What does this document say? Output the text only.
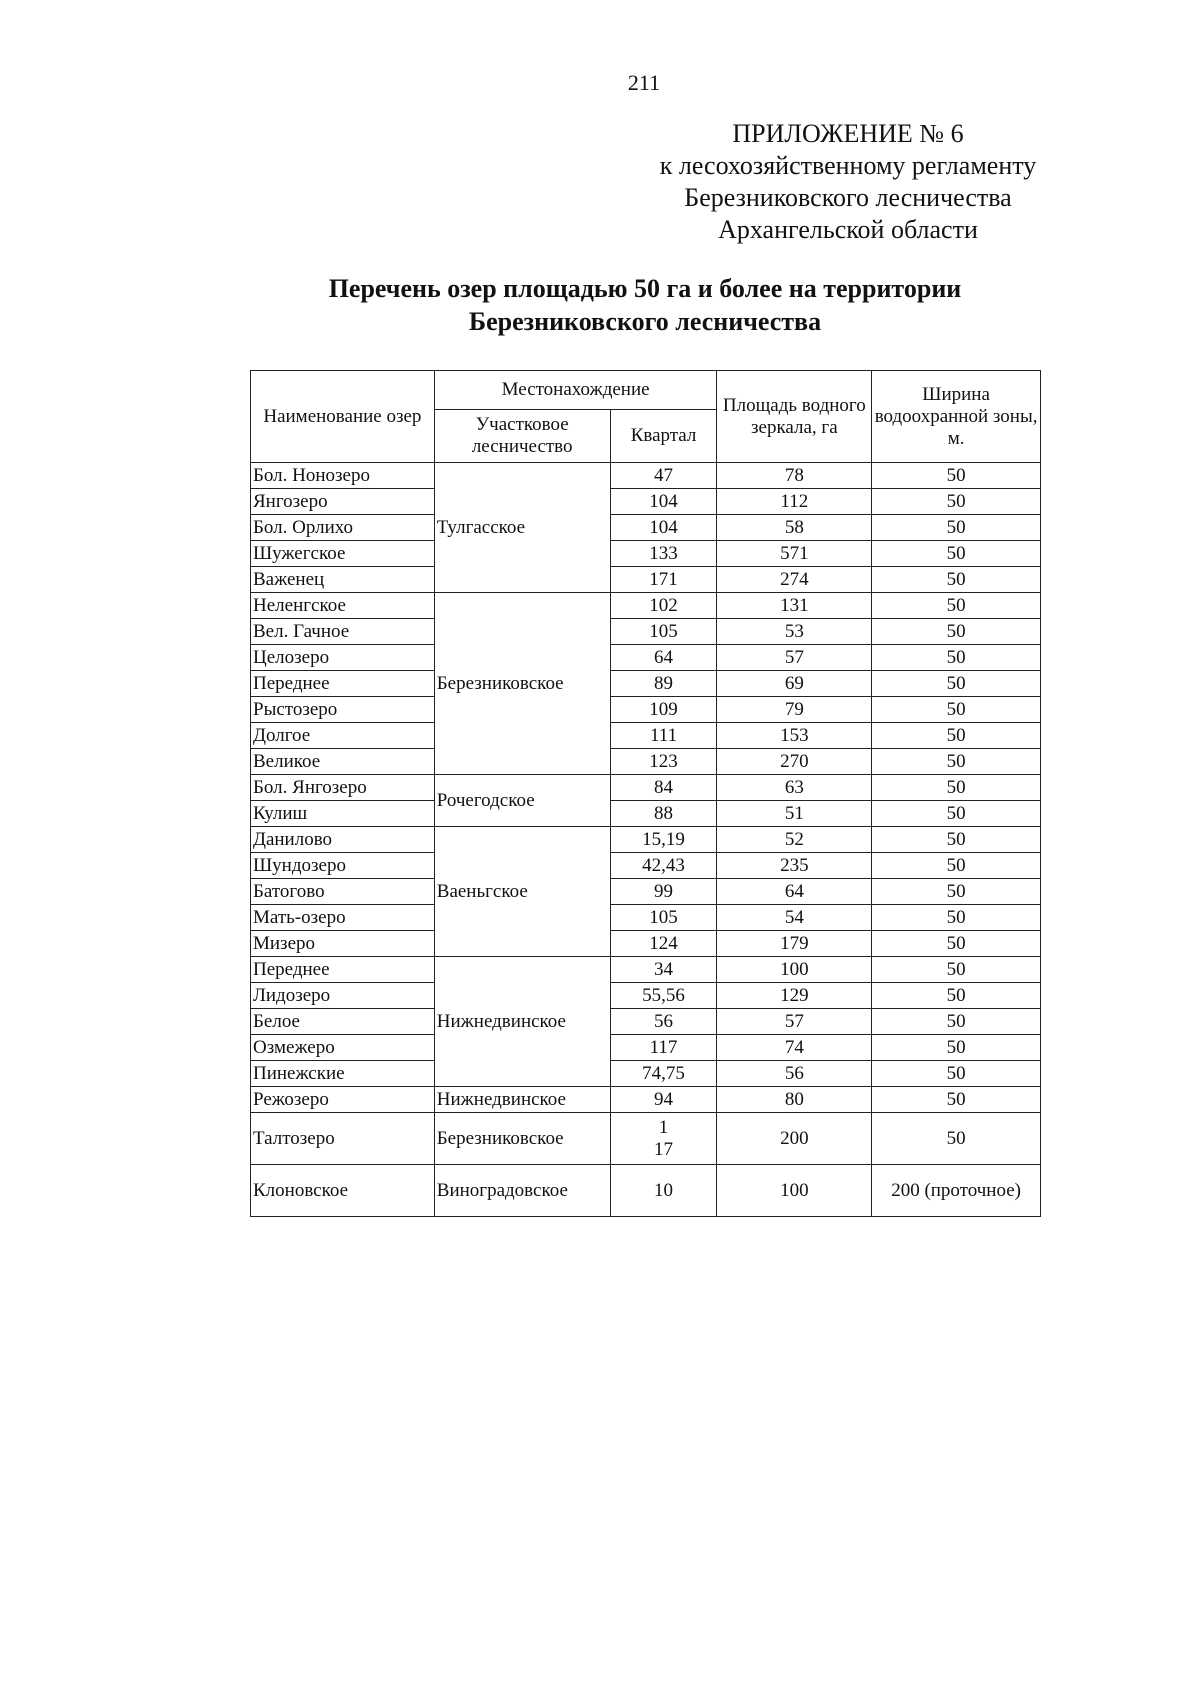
211
ПРИЛОЖЕНИЕ № 6
к лесохозяйственному регламенту
Березниковского лесничества
Архангельской области
Перечень озер площадью 50 га и более на территории
Березниковского лесничества
Наименование озер	Местонахождение		Площадь водного зеркала, га	Ширина водоохранной зоны, м.
	Участковое лесничество	Квартал		
Бол. Нонозеро	Тулгасское	47	78	50
Янгозеро		104	112	50
Бол. Орлихо		104	58	50
Шужегское		133	571	50
Важенец		171	274	50
Неленгское	Березниковское	102	131	50
Вел. Гачное		105	53	50
Целозеро		64	57	50
Переднее		89	69	50
Рыстозеро		109	79	50
Долгое		111	153	50
Великое		123	270	50
Бол. Янгозеро	Рочегодское	84	63	50
Кулиш		88	51	50
Данилово	Ваеньгское	15,19	52	50
Шундозеро		42,43	235	50
Батогово		99	64	50
Мать-озеро		105	54	50
Мизеро		124	179	50
Переднее	Нижнедвинское	34	100	50
Лидозеро		55,56	129	50
Белое		56	57	50
Озмежеро		117	74	50
Пинежские		74,75	56	50
Режозеро	Нижнедвинское	94	80	50
Талтозеро	Березниковское	1
17	200	50
Клоновское	Виноградовское	10	100	200 (проточное)
